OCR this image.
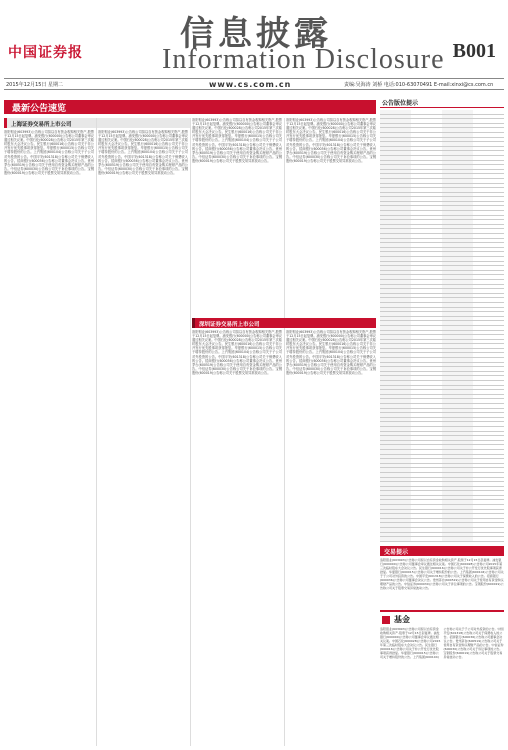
中国证券报	信息披露
Information Disclosure B001
2015年12月15日 星期二	www.cs.com.cn	责编:吴海涛 刘桥 电话:010-63070491 E-mail:xinxi@cs.com.cn
最新公告速览
上海证券交易所上市公司
洛阳钼业(603993)公告称公司拟以自有资金收购相关资产,股票于12月15日起复牌。浦发银行(600000)公告称公司董事会审议通过相关议案。中国石化(600028)公告称公司2015年第三次临时股东大会决议公告。民生银行(600016)公告称公司关于非公开发行优先股事项获得批复。华夏银行(600015)公告称公司关于增持股份的公告。上汽集团(600104)公告称公司关于子公司对外投资的公告。中国平安(601318)公告称公司关于保费收入的公告。招商银行(600036)公告称公司董事会决议公告。贵州茅台(600519)公告称公司关于使用自有资金购买理财产品的公告。中信证券(600030)公告称公司关于诉讼事项的公告。宝钢股份(600019)公告称公司关于股票交易异常波动公告。
洛阳钼业(603993)公告称公司拟以自有资金收购相关资产,股票于12月15日起复牌。浦发银行(600000)公告称公司董事会审议通过相关议案。中国石化(600028)公告称公司2015年第三次临时股东大会决议公告。民生银行(600016)公告称公司关于非公开发行优先股事项获得批复。华夏银行(600015)公告称公司关于增持股份的公告。上汽集团(600104)公告称公司关于子公司对外投资的公告。中国平安(601318)公告称公司关于保费收入的公告。招商银行(600036)公告称公司董事会决议公告。贵州茅台(600519)公告称公司关于使用自有资金购买理财产品的公告。中信证券(600030)公告称公司关于诉讼事项的公告。宝钢股份(600019)公告称公司关于股票交易异常波动公告。
洛阳钼业(603993)公告称公司拟以自有资金收购相关资产,股票于12月15日起复牌。浦发银行(600000)公告称公司董事会审议通过相关议案。中国石化(600028)公告称公司2015年第三次临时股东大会决议公告。民生银行(600016)公告称公司关于非公开发行优先股事项获得批复。华夏银行(600015)公告称公司关于增持股份的公告。上汽集团(600104)公告称公司关于子公司对外投资的公告。中国平安(601318)公告称公司关于保费收入的公告。招商银行(600036)公告称公司董事会决议公告。贵州茅台(600519)公告称公司关于使用自有资金购买理财产品的公告。中信证券(600030)公告称公司关于诉讼事项的公告。宝钢股份(600019)公告称公司关于股票交易异常波动公告。
洛阳钼业(603993)公告称公司拟以自有资金收购相关资产,股票于12月15日起复牌。浦发银行(600000)公告称公司董事会审议通过相关议案。中国石化(600028)公告称公司2015年第三次临时股东大会决议公告。民生银行(600016)公告称公司关于非公开发行优先股事项获得批复。华夏银行(600015)公告称公司关于增持股份的公告。上汽集团(600104)公告称公司关于子公司对外投资的公告。中国平安(601318)公告称公司关于保费收入的公告。招商银行(600036)公告称公司董事会决议公告。贵州茅台(600519)公告称公司关于使用自有资金购买理财产品的公告。中信证券(600030)公告称公司关于诉讼事项的公告。宝钢股份(600019)公告称公司关于股票交易异常波动公告。
深圳证券交易所上市公司
洛阳钼业(603993)公告称公司拟以自有资金收购相关资产,股票于12月15日起复牌。浦发银行(600000)公告称公司董事会审议通过相关议案。中国石化(600028)公告称公司2015年第三次临时股东大会决议公告。民生银行(600016)公告称公司关于非公开发行优先股事项获得批复。华夏银行(600015)公告称公司关于增持股份的公告。上汽集团(600104)公告称公司关于子公司对外投资的公告。中国平安(601318)公告称公司关于保费收入的公告。招商银行(600036)公告称公司董事会决议公告。贵州茅台(600519)公告称公司关于使用自有资金购买理财产品的公告。中信证券(600030)公告称公司关于诉讼事项的公告。宝钢股份(600019)公告称公司关于股票交易异常波动公告。
洛阳钼业(603993)公告称公司拟以自有资金收购相关资产,股票于12月15日起复牌。浦发银行(600000)公告称公司董事会审议通过相关议案。中国石化(600028)公告称公司2015年第三次临时股东大会决议公告。民生银行(600016)公告称公司关于非公开发行优先股事项获得批复。华夏银行(600015)公告称公司关于增持股份的公告。上汽集团(600104)公告称公司关于子公司对外投资的公告。中国平安(601318)公告称公司关于保费收入的公告。招商银行(600036)公告称公司董事会决议公告。贵州茅台(600519)公告称公司关于使用自有资金购买理财产品的公告。中信证券(600030)公告称公司关于诉讼事项的公告。宝钢股份(600019)公告称公司关于股票交易异常波动公告。
公告版位提示
交易提示
洛阳钼业(603993)公告称公司拟以自有资金收购相关资产,股票于12月15日起复牌。浦发银行(600000)公告称公司董事会审议通过相关议案。中国石化(600028)公告称公司2015年第三次临时股东大会决议公告。民生银行(600016)公告称公司关于非公开发行优先股事项获得批复。华夏银行(600015)公告称公司关于增持股份的公告。上汽集团(600104)公告称公司关于子公司对外投资的公告。中国平安(601318)公告称公司关于保费收入的公告。招商银行(600036)公告称公司董事会决议公告。贵州茅台(600519)公告称公司关于使用自有资金购买理财产品的公告。中信证券(600030)公告称公司关于诉讼事项的公告。宝钢股份(600019)公告称公司关于股票交易异常波动公告。
基金
洛阳钼业(603993)公告称公司拟以自有资金收购相关资产,股票于12月15日起复牌。浦发银行(600000)公告称公司董事会审议通过相关议案。中国石化(600028)公告称公司2015年第三次临时股东大会决议公告。民生银行(600016)公告称公司关于非公开发行优先股事项获得批复。华夏银行(600015)公告称公司关于增持股份的公告。上汽集团(600104)公告称公司关于子公司对外投资的公告。中国平安(601318)公告称公司关于保费收入的公告。招商银行(600036)公告称公司董事会决议公告。贵州茅台(600519)公告称公司关于使用自有资金购买理财产品的公告。中信证券(600030)公告称公司关于诉讼事项的公告。宝钢股份(600019)公告称公司关于股票交易异常波动公告。
